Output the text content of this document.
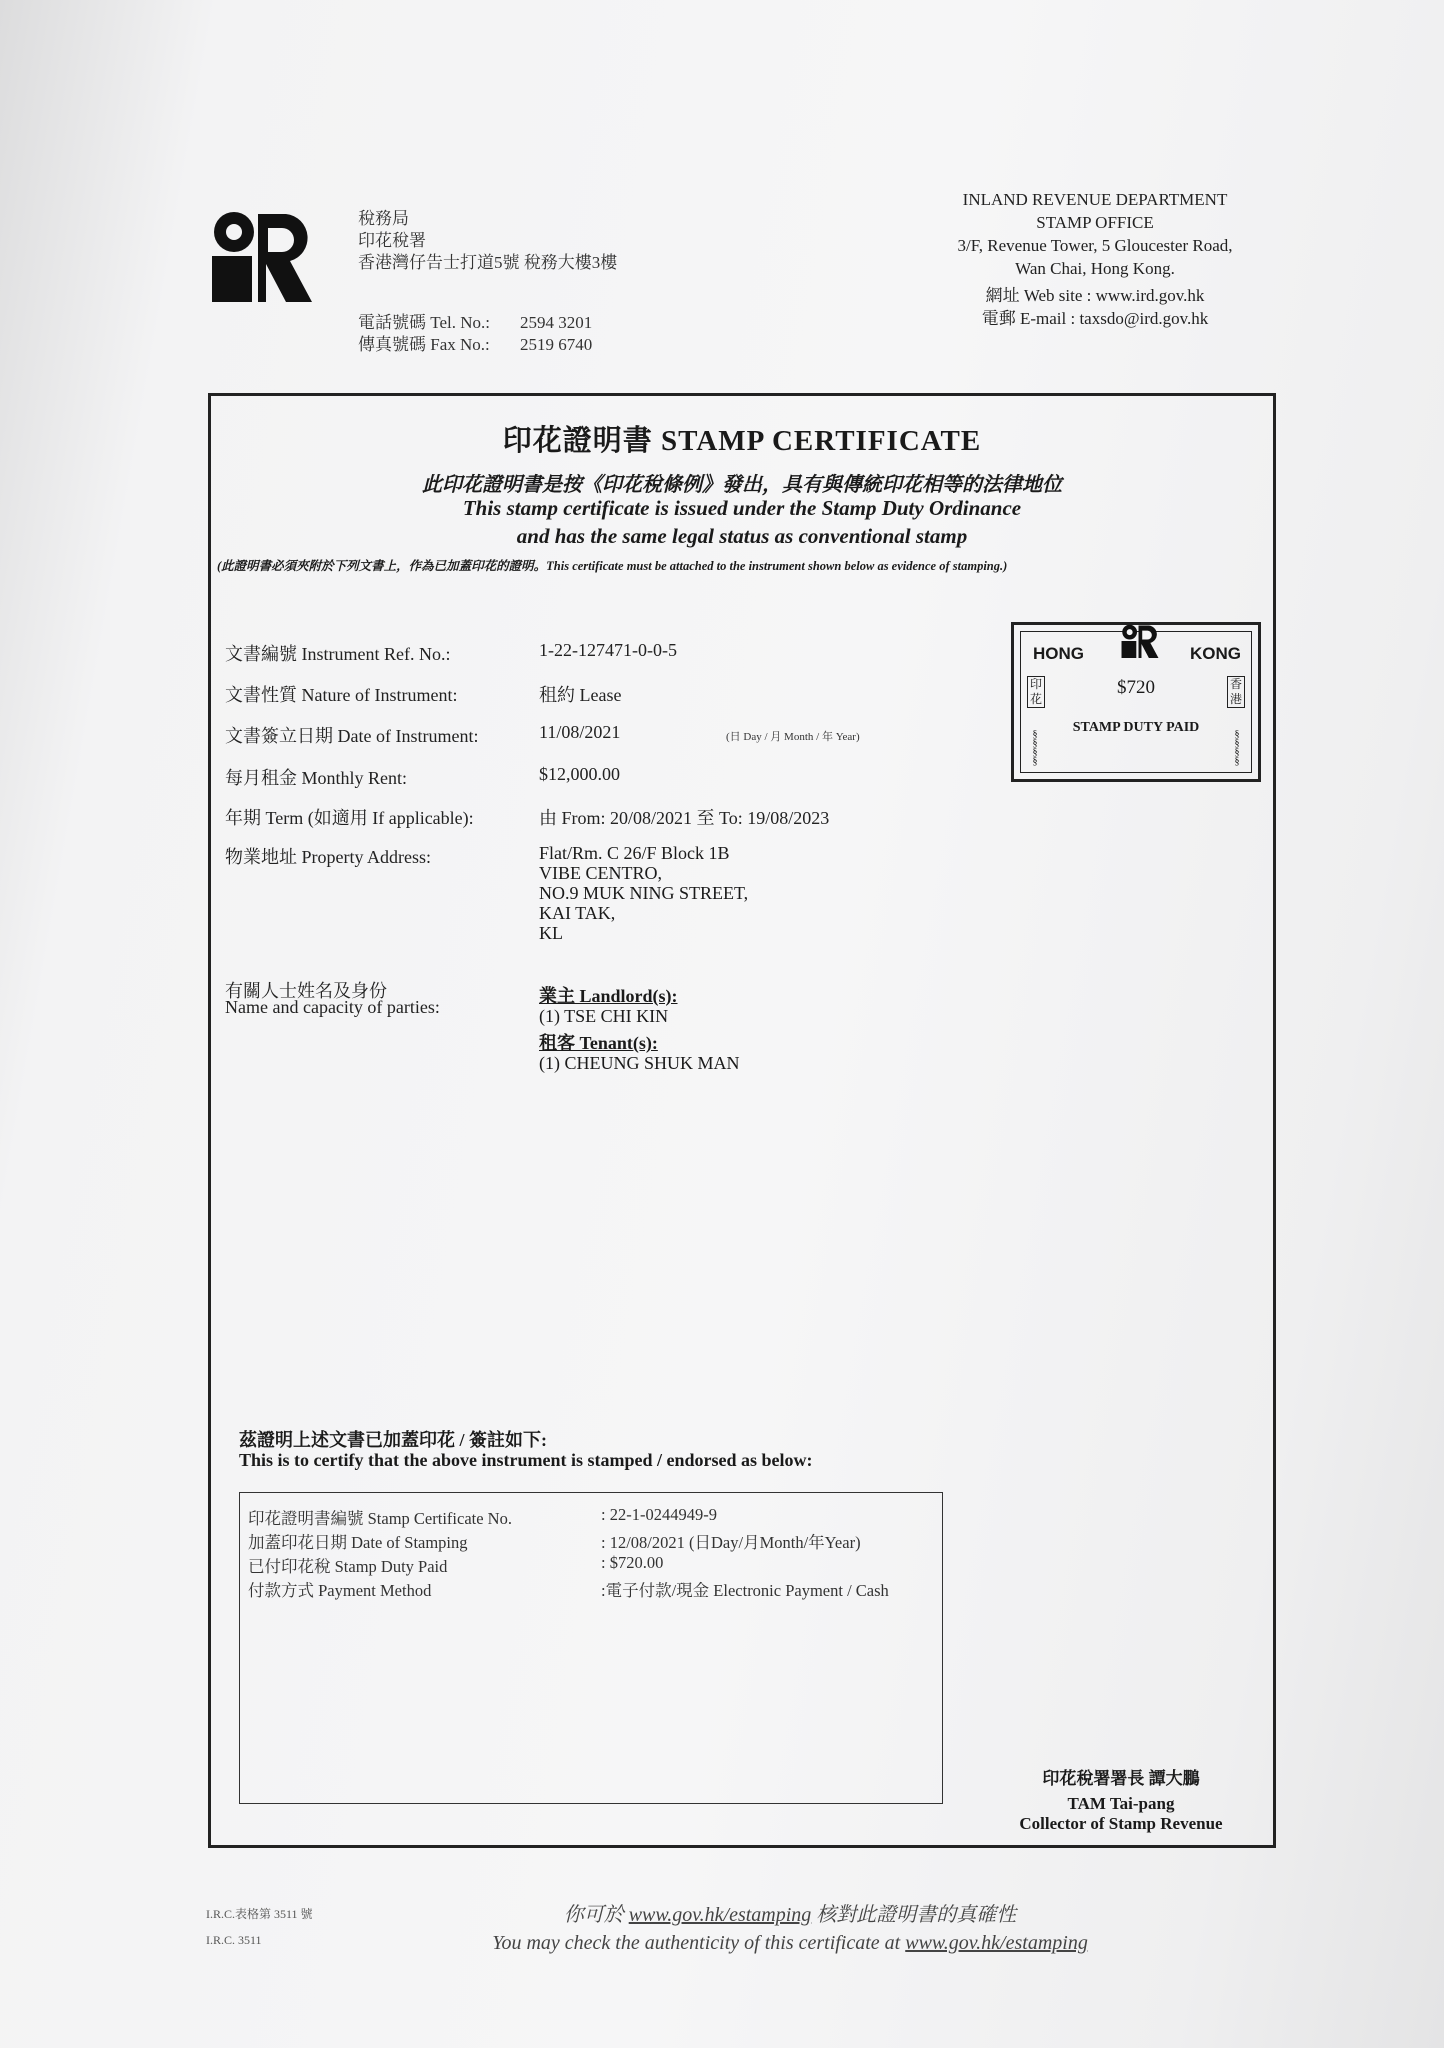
稅務局
印花稅署
香港灣仔告士打道5號 稅務大樓3樓
電話號碼 Tel. No.: 2594 3201
傳真號碼 Fax No.: 2519 6740
INLAND REVENUE DEPARTMENT
STAMP OFFICE
3/F, Revenue Tower, 5 Gloucester Road,
Wan Chai, Hong Kong.
網址 Web site : www.ird.gov.hk
電郵 E-mail : taxsdo@ird.gov.hk
印花證明書 STAMP CERTIFICATE
此印花證明書是按《印花稅條例》發出，具有與傳統印花相等的法律地位
This stamp certificate is issued under the Stamp Duty Ordinance
and has the same legal status as conventional stamp
(此證明書必須夾附於下列文書上，作為已加蓋印花的證明。This certificate must be attached to the instrument shown below as evidence of stamping.)
文書編號 Instrument Ref. No.:	1-22-127471-0-0-5
文書性質 Nature of Instrument:	租約 Lease
文書簽立日期 Date of Instrument:	11/08/2021	(日 Day / 月 Month / 年 Year)
每月租金 Monthly Rent:	$12,000.00
年期 Term (如適用 If applicable):	由 From: 20/08/2021 至 To: 19/08/2023
物業地址 Property Address:	Flat/Rm. C 26/F Block 1B
VIBE CENTRO,
NO.9 MUK NING STREET,
KAI TAK,
KL
有關人士姓名及身份
Name and capacity of parties:
業主 Landlord(s):
(1) TSE CHI KIN
租客 Tenant(s):
(1) CHEUNG SHUK MAN
HONG	KONG
$720
STAMP DUTY PAID
印花
香港
§
§
§
§
§
§
§
§
茲證明上述文書已加蓋印花 / 簽註如下:
This is to certify that the above instrument is stamped / endorsed as below:
印花證明書編號 Stamp Certificate No.	: 22-1-0244949-9
加蓋印花日期 Date of Stamping	: 12/08/2021 (日Day/月Month/年Year)
已付印花稅 Stamp Duty Paid	: $720.00
付款方式 Payment Method	:電子付款/現金 Electronic Payment / Cash
印花稅署署長 譚大鵬
TAM Tai-pang
Collector of Stamp Revenue
I.R.C.表格第 3511 號
I.R.C. 3511
你可於 www.gov.hk/estamping 核對此證明書的真確性
You may check the authenticity of this certificate at www.gov.hk/estamping
